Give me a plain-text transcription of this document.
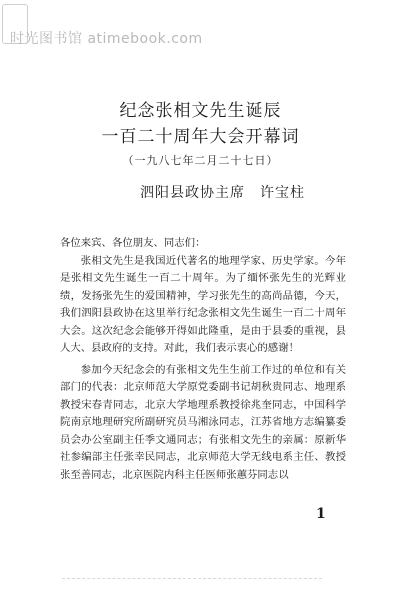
时光图书馆 atimebook.com
纪念张相文先生诞辰
一百二十周年大会开幕词
（一九八七年二月二十七日）
泗阳县政协主席　许宝柱

各位来宾、各位朋友、同志们：

张相文先生是我国近代著名的地理学家、历史学家。今年是张相文先生诞生一百二十周年。为了缅怀张先生的光辉业绩，发扬张先生的爱国精神，学习张先生的高尚品德，今天，我们泗阳县政协在这里举行纪念张相文先生诞生一百二十周年大会。这次纪念会能够开得如此隆重，是由于县委的重视，县人大、县政府的支持。对此，我们表示衷心的感谢！

参加今天纪念会的有张相文先生生前工作过的单位和有关部门的代表：北京师范大学原党委副书记胡秋贵同志、地理系教授宋春青同志，北京大学地理系教授徐兆奎同志，中国科学院南京地理研究所副研究员马湘泳同志，江苏省地方志编纂委员会办公室副主任季文通同志；有张相文先生的亲属：原新华社参编部主任张幸民同志，北京师范大学无线电系主任、教授张至善同志，北京医院内科主任医师张蕙芬同志以

1
